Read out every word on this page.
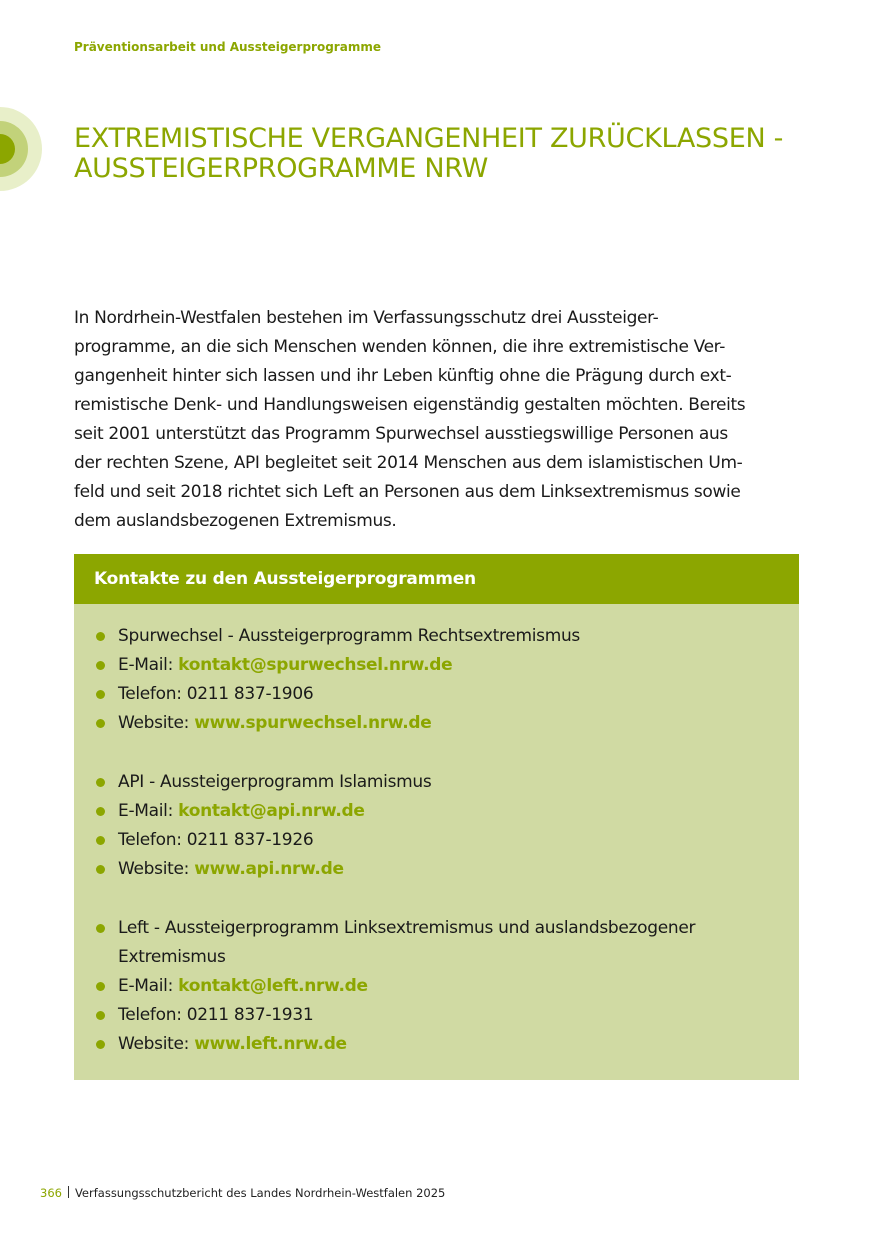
Präventionsarbeit und Aussteigerprogramme
EXTREMISTISCHE VERGANGENHEIT ZURÜCKLASSEN -
AUSSTEIGERPROGRAMME NRW

In Nordrhein-Westfalen bestehen im Verfassungsschutz drei Aussteiger-
programme, an die sich Menschen wenden können, die ihre extremistische Ver-
gangenheit hinter sich lassen und ihr Leben künftig ohne die Prägung durch ext-
remistische Denk- und Handlungsweisen eigenständig gestalten möchten. Bereits
seit 2001 unterstützt das Programm Spurwechsel ausstiegswillige Personen aus
der rechten Szene, API begleitet seit 2014 Menschen aus dem islamistischen Um-
feld und seit 2018 richtet sich Left an Personen aus dem Linksextremismus sowie
dem auslandsbezogenen Extremismus.

Kontakte zu den Aussteigerprogrammen
Spurwechsel - Aussteigerprogramm Rechtsextremismus
E-Mail: kontakt@spurwechsel.nrw.de
Telefon: 0211 837-1906
Website: www.spurwechsel.nrw.de
API - Aussteigerprogramm Islamismus
E-Mail: kontakt@api.nrw.de
Telefon: 0211 837-1926
Website: www.api.nrw.de
Left - Aussteigerprogramm Linksextremismus und auslandsbezogener
Extremismus
E-Mail: kontakt@left.nrw.de
Telefon: 0211 837-1931
Website: www.left.nrw.de
366 Verfassungsschutzbericht des Landes Nordrhein-Westfalen 2025
